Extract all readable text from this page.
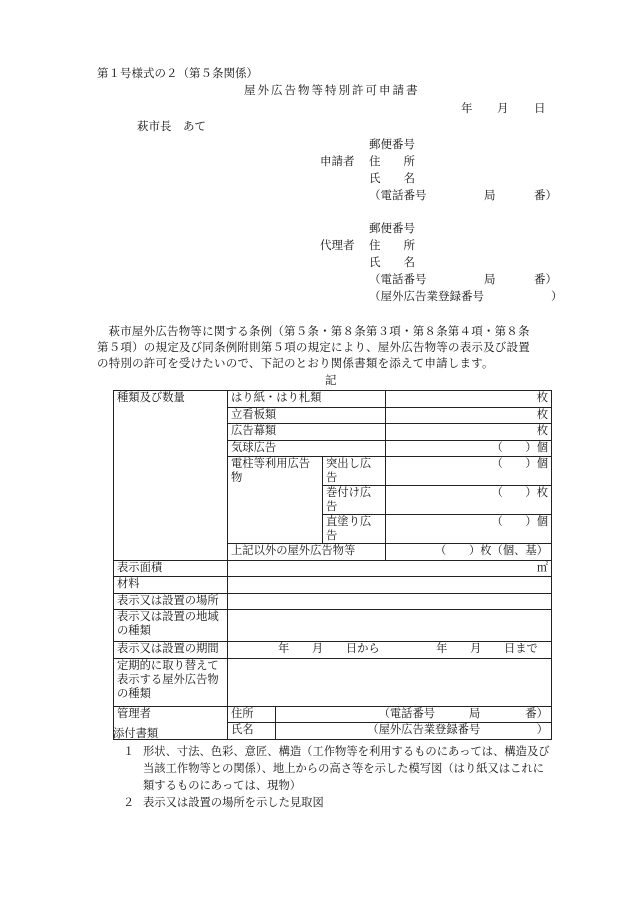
第１号様式の２（第５条関係）
屋外広告物等特別許可申請書
年 月 日
萩市長　あて
郵便番号
申請者 住　　所
氏　　名
（電話番号	局	番）
郵便番号
代理者 住　　所
氏　　名
（電話番号	局	番）
（屋外広告業登録番号	）
萩市屋外広告物等に関する条例（第５条・第８条第３項・第８条第４項・第８条第５項）の規定及び同条例附則第５項の規定により、屋外広告物等の表示及び設置の特別の許可を受けたいので、下記のとおり関係書類を添えて申請します。
記
種類及び数量	はり紙・はり札類			枚
	立看板類			枚
	広告幕類			枚
	気球広告			（　　）個
	電柱等利用広告物		突出し広告	（　　）個
			巻付け広告	（　　）枚
			直塗り広告	（　　）個
	上記以外の屋外広告物等			（　　）枚（個、基）
表示面積	㎡			
材料				
表示又は設置の場所				
表示又は設置の地域の種類				
表示又は設置の期間	年　　月　　日から　　　　　年　　月　　日まで			
定期的に取り替えて表示する屋外広告物の種類				
管理者	住所	（電話番号　　　局　　　　番）		
	氏名	（屋外広告業登録番号　　　　　）		
添付書類
１ 形状、寸法、色彩、意匠、構造（工作物等を利用するものにあっては、構造及び当該工作物等との関係）、地上からの高さ等を示した模写図（はり紙又はこれに類するものにあっては、現物）
２ 表示又は設置の場所を示した見取図
